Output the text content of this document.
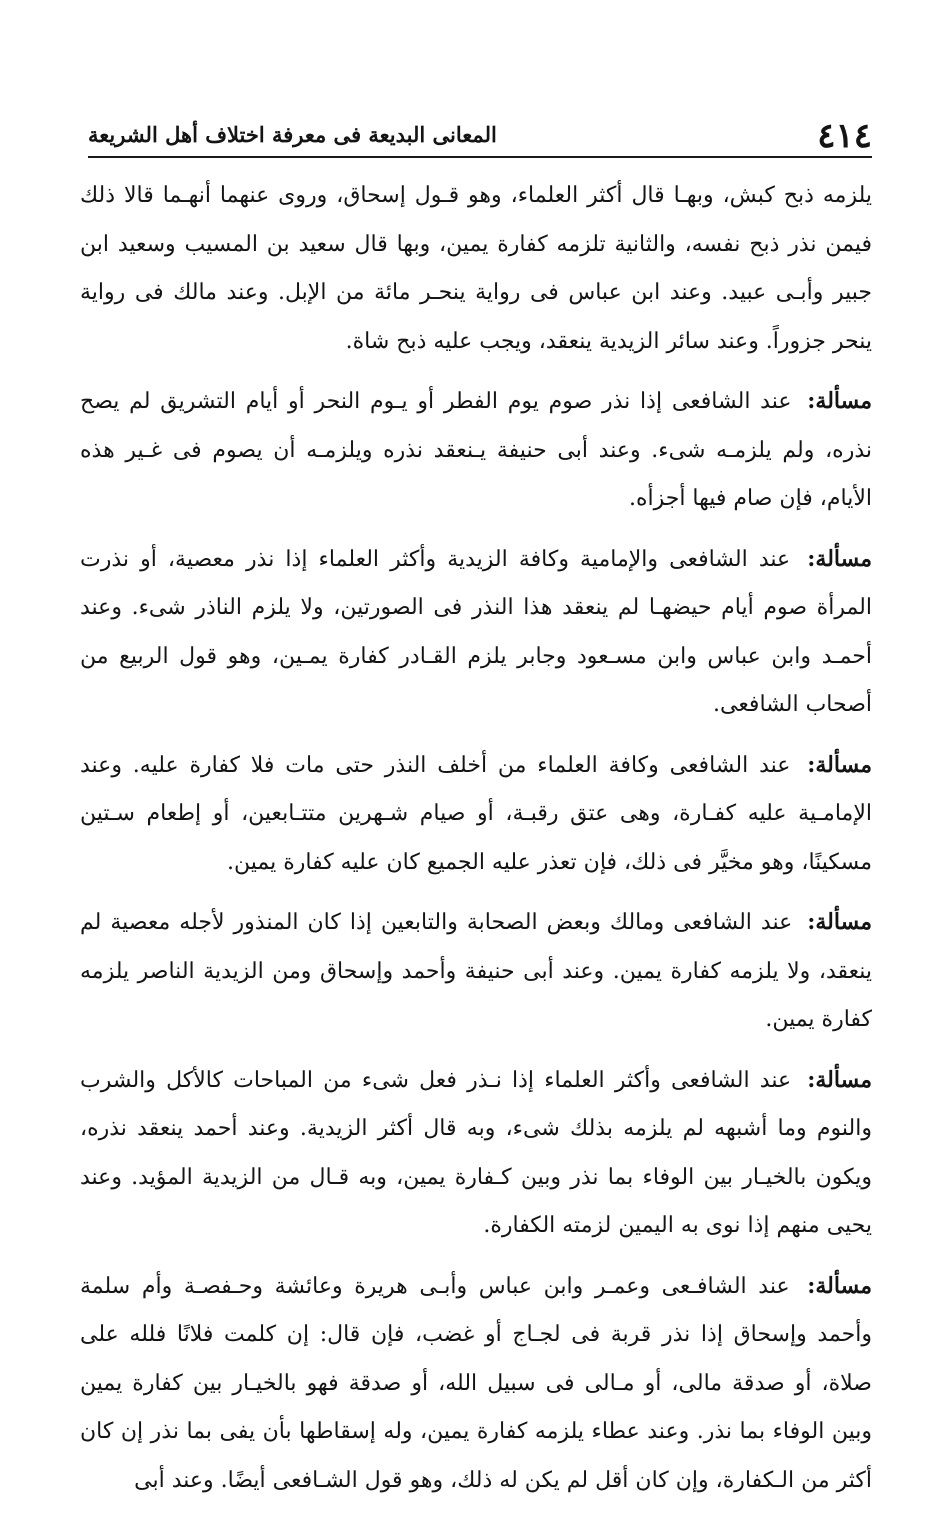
٤١٤
المعانى البديعة فى معرفة اختلاف أهل الشريعة

يلزمه ذبح كبش، وبهـا قال أكثر العلماء، وهو قـول إسحاق، وروى عنهما أنهـما قالا ذلك فيمن نذر ذبح نفسه، والثانية تلزمه كفارة يمين، وبها قال سعيد بن المسيب وسعيد ابن جبير وأبـى عبيد. وعند ابن عباس فى رواية ينحـر مائة من الإبل. وعند مالك فى رواية ينحر جزوراً. وعند سائر الزيدية ينعقد، ويجب عليه ذبح شاة.

مسألة: عند الشافعى إذا نذر صوم يوم الفطر أو يـوم النحر أو أيام التشريق لم يصح نذره، ولم يلزمـه شىء. وعند أبى حنيفة يـنعقد نذره ويلزمـه أن يصوم فى غـير هذه الأيام، فإن صام فيها أجزأه.

مسألة: عند الشافعى والإمامية وكافة الزيدية وأكثر العلماء إذا نذر معصية، أو نذرت المرأة صوم أيام حيضهـا لم ينعقد هذا النذر فى الصورتين، ولا يلزم الناذر شىء. وعند أحمـد وابن عباس وابن مسـعود وجابر يلزم القـادر كفارة يمـين، وهو قول الربيع من أصحاب الشافعى.

مسألة: عند الشافعى وكافة العلماء من أخلف النذر حتى مات فلا كفارة عليه. وعند الإمامـية عليه كفـارة، وهى عتق رقبـة، أو صيام شـهرين متتـابعين، أو إطعام سـتين مسكينًا، وهو مخيَّر فى ذلك، فإن تعذر عليه الجميع كان عليه كفارة يمين.

مسألة: عند الشافعى ومالك وبعض الصحابة والتابعين إذا كان المنذور لأجله معصية لم ينعقد، ولا يلزمه كفارة يمين. وعند أبى حنيفة وأحمد وإسحاق ومن الزيدية الناصر يلزمه كفارة يمين.

مسألة: عند الشافعى وأكثر العلماء إذا نـذر فعل شىء من المباحات كالأكل والشرب والنوم وما أشبهه لم يلزمه بذلك شىء، وبه قال أكثر الزيدية. وعند أحمد ينعقد نذره، ويكون بالخيـار بين الوفاء بما نذر وبين كـفارة يمين، وبه قـال من الزيدية المؤيد. وعند يحيى منهم إذا نوى به اليمين لزمته الكفارة.

مسألة: عند الشافـعى وعمـر وابن عباس وأبـى هريرة وعائشة وحـفصـة وأم سلمة وأحمد وإسحاق إذا نذر قربة فى لجـاج أو غضب، فإن قال: إن كلمت فلانًا فلله على صلاة، أو صدقة مالى، أو مـالى فى سبيل الله، أو صدقة فهو بالخيـار بين كفارة يمين وبين الوفاء بما نذر. وعند عطاء يلزمه كفارة يمين، وله إسقاطها بأن يفى بما نذر إن كان أكثر من الـكفارة، وإن كان أقل لم يكن له ذلك، وهو قول الشـافعى أيضًا. وعند أبى
